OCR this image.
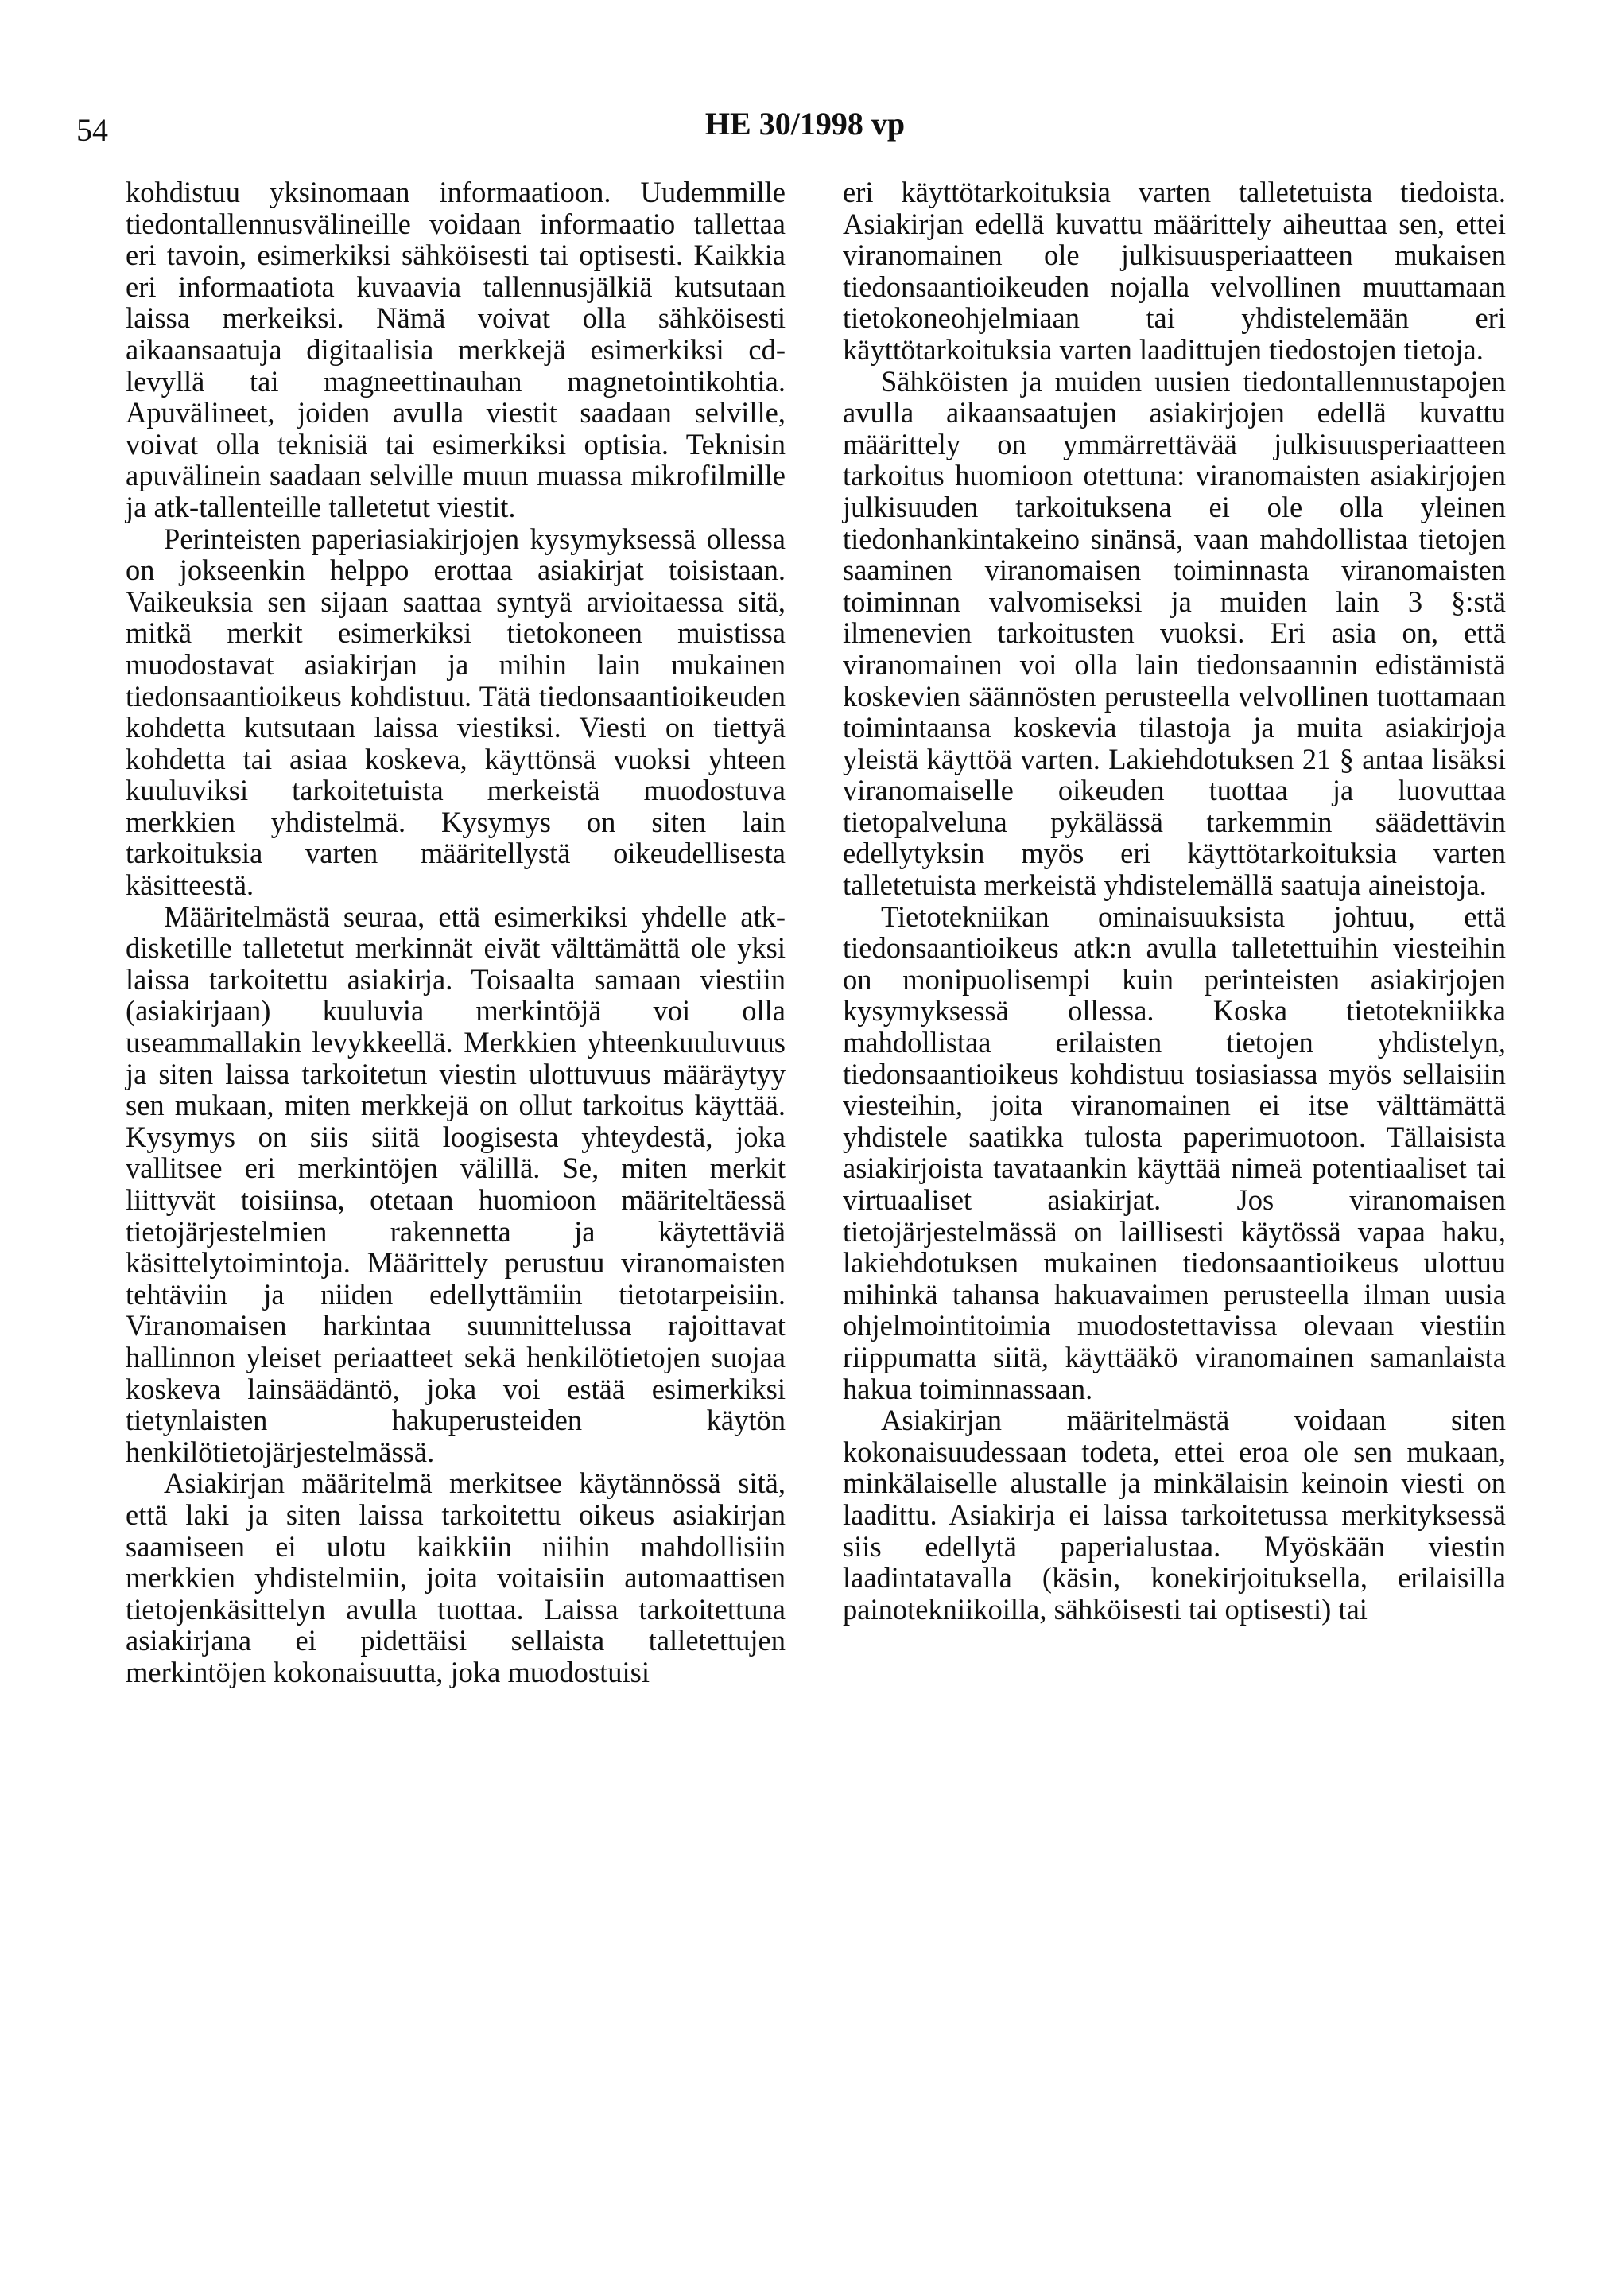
54	HE 30/1998 vp

kohdistuu yksinomaan informaatioon. Uudemmille tiedontallennusvälineille voidaan informaatio tallettaa eri tavoin, esimerkiksi sähköisesti tai optisesti. Kaikkia eri informaatiota kuvaavia tallennusjälkiä kutsutaan laissa merkeiksi. Nämä voivat olla sähköisesti aikaansaatuja digitaalisia merkkejä esimerkiksi cd-levyllä tai magneettinauhan magnetointikohtia. Apuvälineet, joiden avulla viestit saadaan selville, voivat olla teknisiä tai esimerkiksi optisia. Teknisin apuvälinein saadaan selville muun muassa mikrofilmille ja atk-tallenteille talletetut viestit.

Perinteisten paperiasiakirjojen kysymyksessä ollessa on jokseenkin helppo erottaa asiakirjat toisistaan. Vaikeuksia sen sijaan saattaa syntyä arvioitaessa sitä, mitkä merkit esimerkiksi tietokoneen muistissa muodostavat asiakirjan ja mihin lain mukainen tiedonsaantioikeus kohdistuu. Tätä tiedonsaantioikeuden kohdetta kutsutaan laissa viestiksi. Viesti on tiettyä kohdetta tai asiaa koskeva, käyttönsä vuoksi yhteen kuuluviksi tarkoitetuista merkeistä muodostuva merkkien yhdistelmä. Kysymys on siten lain tarkoituksia varten määritellystä oikeudellisesta käsitteestä.

Määritelmästä seuraa, että esimerkiksi yhdelle atk-disketille talletetut merkinnät eivät välttämättä ole yksi laissa tarkoitettu asiakirja. Toisaalta samaan viestiin (asiakirjaan) kuuluvia merkintöjä voi olla useammallakin levykkeellä. Merkkien yhteenkuuluvuus ja siten laissa tarkoitetun viestin ulottuvuus määräytyy sen mukaan, miten merkkejä on ollut tarkoitus käyttää. Kysymys on siis siitä loogisesta yhteydestä, joka vallitsee eri merkintöjen välillä. Se, miten merkit liittyvät toisiinsa, otetaan huomioon määriteltäessä tietojärjestelmien rakennetta ja käytettäviä käsittelytoimintoja. Määrittely perustuu viranomaisten tehtäviin ja niiden edellyttämiin tietotarpeisiin. Viranomaisen harkintaa suunnittelussa rajoittavat hallinnon yleiset periaatteet sekä henkilötietojen suojaa koskeva lainsäädäntö, joka voi estää esimerkiksi tietynlaisten hakuperusteiden käytön henkilötietojärjestelmässä.

Asiakirjan määritelmä merkitsee käytännössä sitä, että laki ja siten laissa tarkoitettu oikeus asiakirjan saamiseen ei ulotu kaikkiin niihin mahdollisiin merkkien yhdistelmiin, joita voitaisiin automaattisen tietojenkäsittelyn avulla tuottaa. Laissa tarkoitettuna asiakirjana ei pidettäisi sellaista talletettujen merkintöjen kokonaisuutta, joka muodostuisi

eri käyttötarkoituksia varten talletetuista tiedoista. Asiakirjan edellä kuvattu määrittely aiheuttaa sen, ettei viranomainen ole julkisuusperiaatteen mukaisen tiedonsaantioikeuden nojalla velvollinen muuttamaan tietokoneohjelmiaan tai yhdistelemään eri käyttötarkoituksia varten laadittujen tiedostojen tietoja.

Sähköisten ja muiden uusien tiedontallennustapojen avulla aikaansaatujen asiakirjojen edellä kuvattu määrittely on ymmärrettävää julkisuusperiaatteen tarkoitus huomioon otettuna: viranomaisten asiakirjojen julkisuuden tarkoituksena ei ole olla yleinen tiedonhankintakeino sinänsä, vaan mahdollistaa tietojen saaminen viranomaisen toiminnasta viranomaisten toiminnan valvomiseksi ja muiden lain 3 §:stä ilmenevien tarkoitusten vuoksi. Eri asia on, että viranomainen voi olla lain tiedonsaannin edistämistä koskevien säännösten perusteella velvollinen tuottamaan toimintaansa koskevia tilastoja ja muita asiakirjoja yleistä käyttöä varten. Lakiehdotuksen 21 § antaa lisäksi viranomaiselle oikeuden tuottaa ja luovuttaa tietopalveluna pykälässä tarkemmin säädettävin edellytyksin myös eri käyttötarkoituksia varten talletetuista merkeistä yhdistelemällä saatuja aineistoja.

Tietotekniikan ominaisuuksista johtuu, että tiedonsaantioikeus atk:n avulla talletettuihin viesteihin on monipuolisempi kuin perinteisten asiakirjojen kysymyksessä ollessa. Koska tietotekniikka mahdollistaa erilaisten tietojen yhdistelyn, tiedonsaantioikeus kohdistuu tosiasiassa myös sellaisiin viesteihin, joita viranomainen ei itse välttämättä yhdistele saatikka tulosta paperimuotoon. Tällaisista asiakirjoista tavataankin käyttää nimeä potentiaaliset tai virtuaaliset asiakirjat. Jos viranomaisen tietojärjestelmässä on laillisesti käytössä vapaa haku, lakiehdotuksen mukainen tiedonsaantioikeus ulottuu mihinkä tahansa hakuavaimen perusteella ilman uusia ohjelmointitoimia muodostettavissa olevaan viestiin riippumatta siitä, käyttääkö viranomainen samanlaista hakua toiminnassaan.

Asiakirjan määritelmästä voidaan siten kokonaisuudessaan todeta, ettei eroa ole sen mukaan, minkälaiselle alustalle ja minkälaisin keinoin viesti on laadittu. Asiakirja ei laissa tarkoitetussa merkityksessä siis edellytä paperialustaa. Myöskään viestin laadintatavalla (käsin, konekirjoituksella, erilaisilla painotekniikoilla, sähköisesti tai optisesti) tai
